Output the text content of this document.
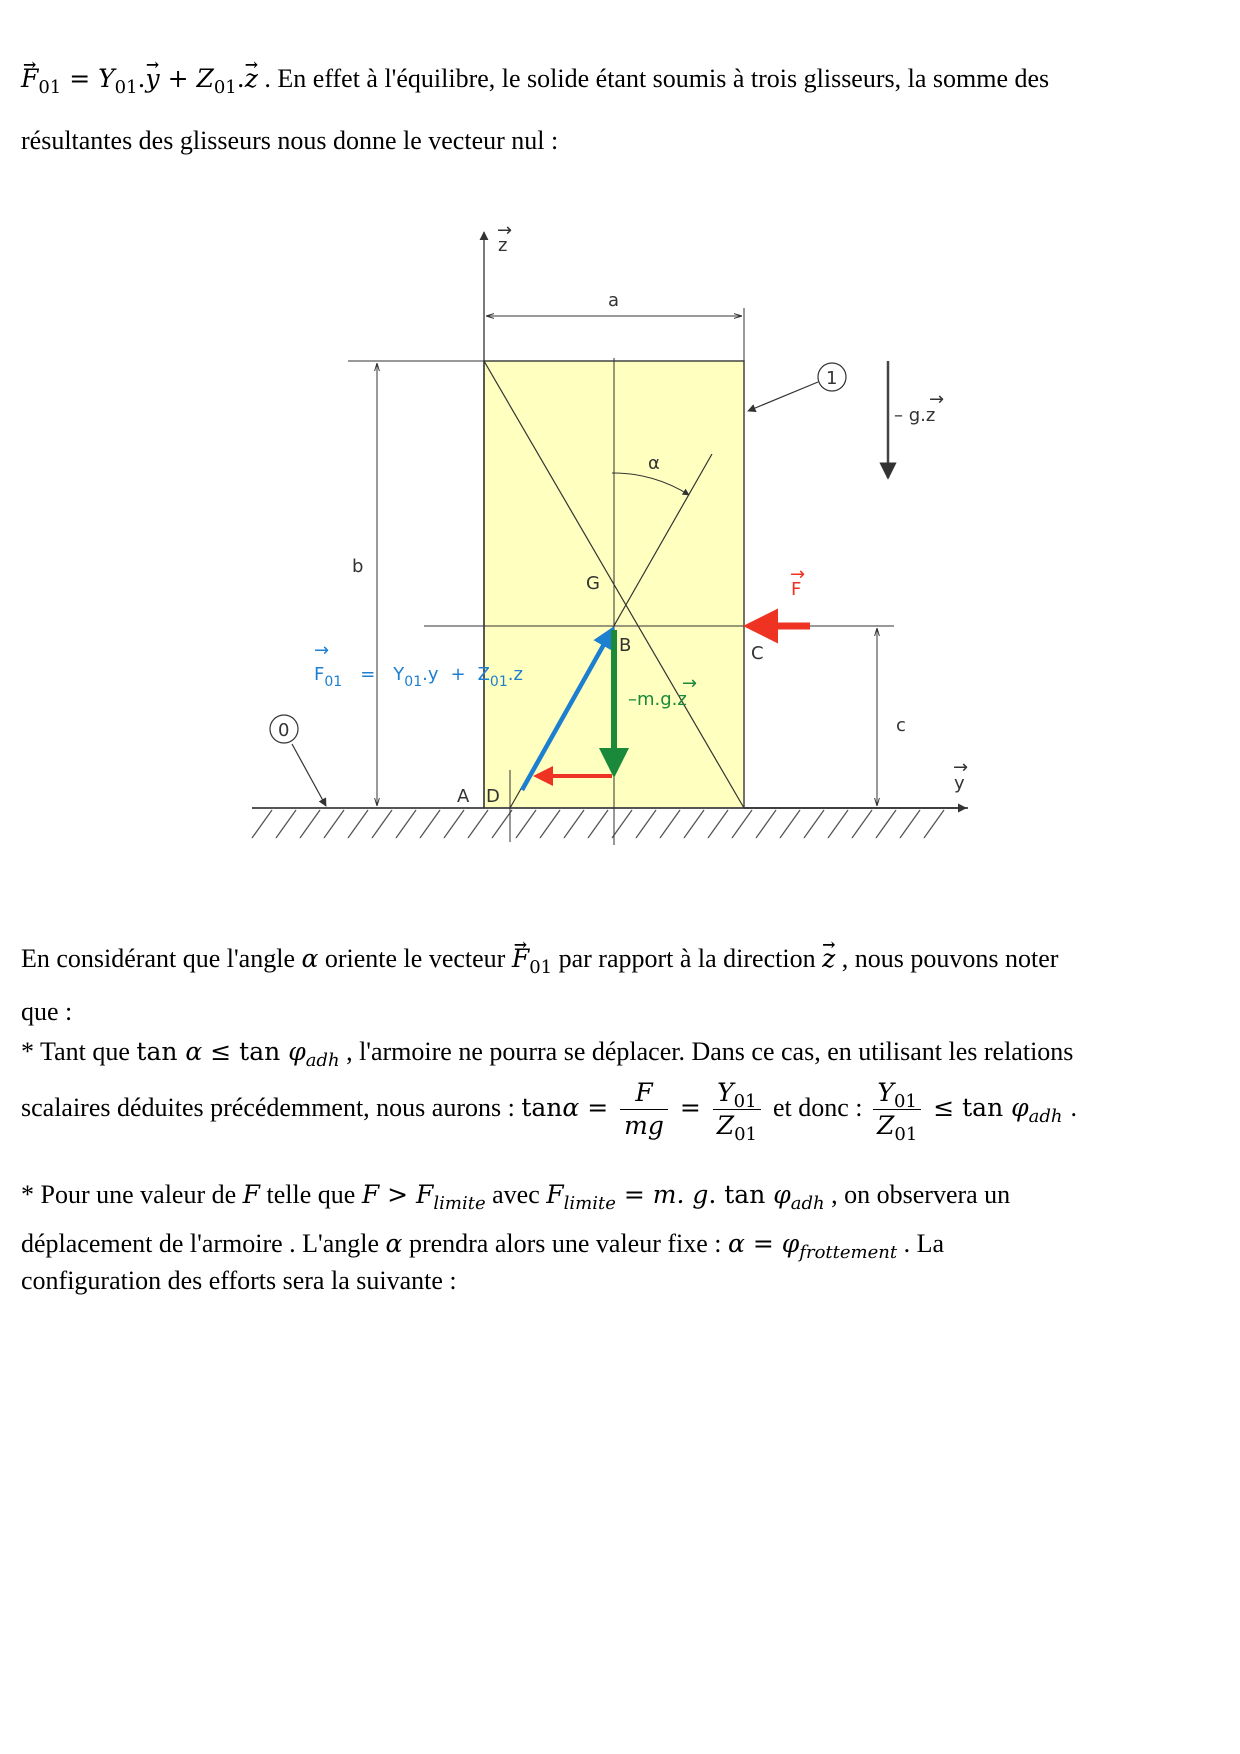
→ $F_{01} = Y_{01}.\to y + Z_{01}.\to z$ . En effet à l'équilibre, le solide étant soumis à trois glisseurs, la somme des
résultantes des glisseurs nous donne le vecteur nul :
z
→
y
→
a
b
c
α
G
B	C
A D
F
→
$F_{01} = Y_{01}.y + Z_{01}.z$
→
–m.g.z
→
1
0
– g.z
→
En considérant que l'angle α oriente le vecteur → $F_{01}$ par rapport à la direction → z , nous pouvons noter
que :
* Tant que $\tan \alpha \le \tan \varphi_{adh}$ , l'armoire ne pourra se déplacer. Dans ce cas, en utilisant les relations
scalaires déduites précédemment, nous aurons : $\tan\alpha = \frac{F}{mg} = \frac{Y_{01}}{Z_{01}}$ et donc : $\frac{Y_{01}}{Z_{01}} \le \tan \varphi_{adh}$ .
* Pour une valeur de F telle que $F > F_{limite}$ avec $F_{limite} = m$. g. $\tan \varphi_{adh}$ , on observera un
déplacement de l'armoire . L'angle α prendra alors une valeur fixe : $\alpha = \varphi_{frottement}$ . La
configuration des efforts sera la suivante :
